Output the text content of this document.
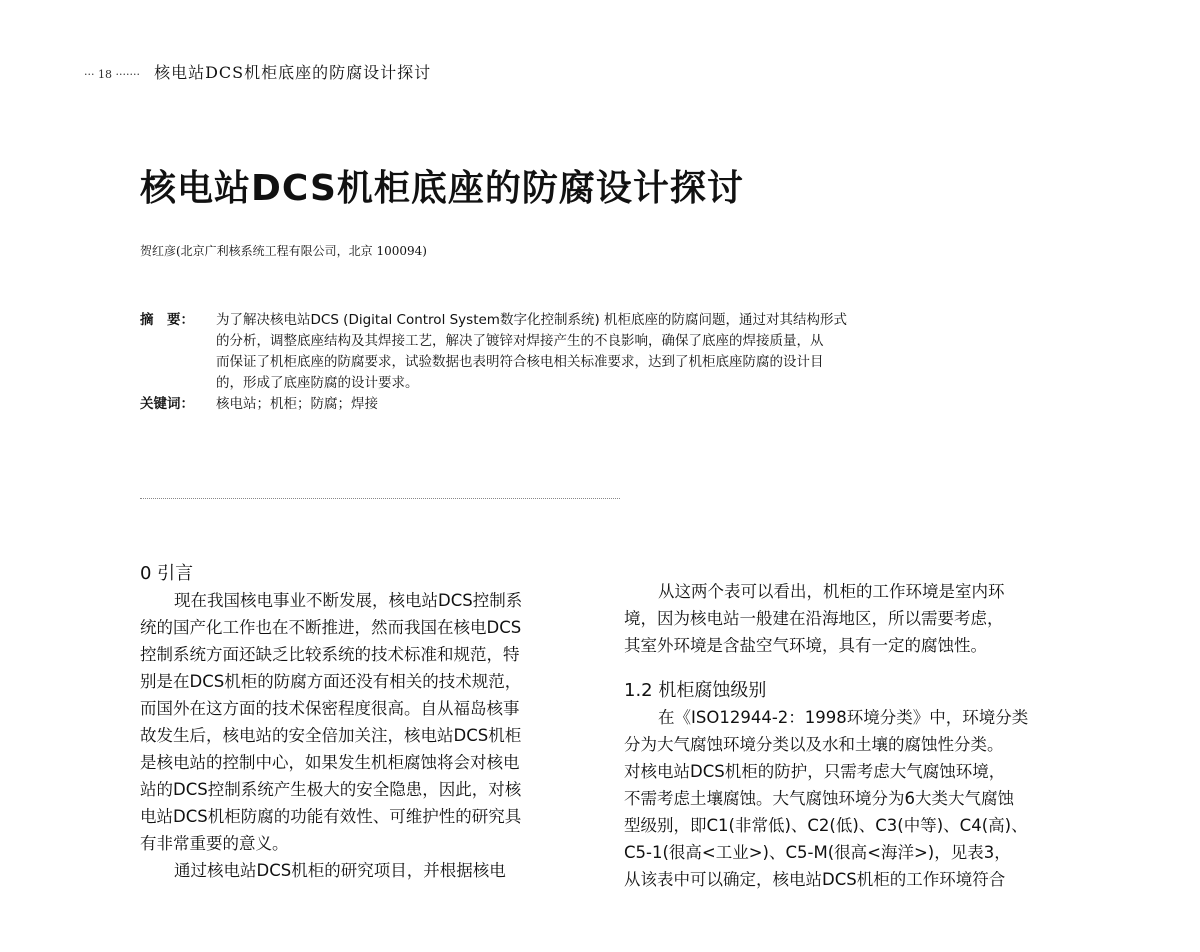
··· 18 ······· 核电站DCS机柜底座的防腐设计探讨
核电站DCS机柜底座的防腐设计探讨
贺红彦(北京广利核系统工程有限公司，北京 100094)
摘　要：	为了解决核电站DCS (Digital Control System数字化控制系统) 机柜底座的防腐问题，通过对其结构形式
的分析，调整底座结构及其焊接工艺，解决了镀锌对焊接产生的不良影响，确保了底座的焊接质量，从
而保证了机柜底座的防腐要求，试验数据也表明符合核电相关标准要求，达到了机柜底座防腐的设计目
的，形成了底座防腐的设计要求。
关键词：	核电站；机柜；防腐；焊接
0 引言
现在我国核电事业不断发展，核电站DCS控制系
统的国产化工作也在不断推进，然而我国在核电DCS
控制系统方面还缺乏比较系统的技术标准和规范，特
别是在DCS机柜的防腐方面还没有相关的技术规范，
而国外在这方面的技术保密程度很高。自从福岛核事
故发生后，核电站的安全倍加关注，核电站DCS机柜
是核电站的控制中心，如果发生机柜腐蚀将会对核电
站的DCS控制系统产生极大的安全隐患，因此，对核
电站DCS机柜防腐的功能有效性、可维护性的研究具
有非常重要的意义。
通过核电站DCS机柜的研究项目，并根据核电
从这两个表可以看出，机柜的工作环境是室内环
境，因为核电站一般建在沿海地区，所以需要考虑，
其室外环境是含盐空气环境，具有一定的腐蚀性。
1.2 机柜腐蚀级别
在《ISO12944-2：1998环境分类》中，环境分类
分为大气腐蚀环境分类以及水和土壤的腐蚀性分类。
对核电站DCS机柜的防护，只需考虑大气腐蚀环境，
不需考虑土壤腐蚀。大气腐蚀环境分为6大类大气腐蚀
型级别，即C1(非常低)、C2(低)、C3(中等)、C4(高)、
C5-1(很高<工业>)、C5-M(很高<海洋>)，见表3，
从该表中可以确定，核电站DCS机柜的工作环境符合
